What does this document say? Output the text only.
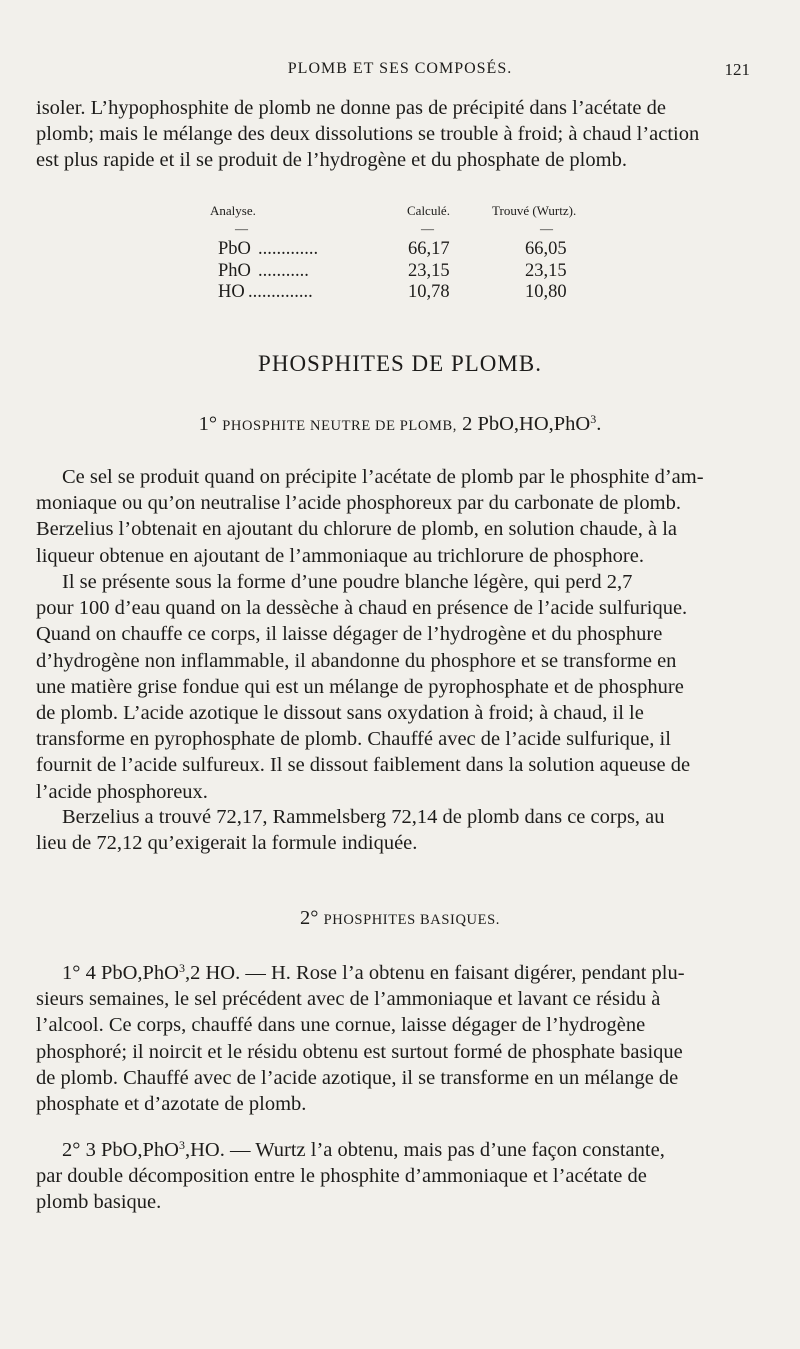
PLOMB ET SES COMPOSÉS.	121

isoler. L’hypophosphite de plomb ne donne pas de précipité dans l’acétate de

plomb; mais le mélange des deux dissolutions se trouble à froid; à chaud l’action

est plus rapide et il se produit de l’hydrogène et du phosphate de plomb.

Analyse.	Calculé.	Trouvé (Wurtz).
—	—	—
PbO .............	66,17	66,05
PhO ...........	23,15	23,15
HO ..............	10,78	10,80
PHOSPHITES DE PLOMB.
1° PHOSPHITE NEUTRE DE PLOMB, 2 PbO,HO,PhO$^3$.

Ce sel se produit quand on précipite l’acétate de plomb par le phosphite d’am-

moniaque ou qu’on neutralise l’acide phosphoreux par du carbonate de plomb.

Berzelius l’obtenait en ajoutant du chlorure de plomb, en solution chaude, à la

liqueur obtenue en ajoutant de l’ammoniaque au trichlorure de phosphore.

Il se présente sous la forme d’une poudre blanche légère, qui perd 2,7

pour 100 d’eau quand on la dessèche à chaud en présence de l’acide sulfurique.

Quand on chauffe ce corps, il laisse dégager de l’hydrogène et du phosphure

d’hydrogène non inflammable, il abandonne du phosphore et se transforme en

une matière grise fondue qui est un mélange de pyrophosphate et de phosphure

de plomb. L’acide azotique le dissout sans oxydation à froid; à chaud, il le

transforme en pyrophosphate de plomb. Chauffé avec de l’acide sulfurique, il

fournit de l’acide sulfureux. Il se dissout faiblement dans la solution aqueuse de

l’acide phosphoreux.

Berzelius a trouvé 72,17, Rammelsberg 72,14 de plomb dans ce corps, au

lieu de 72,12 qu’exigerait la formule indiquée.

2° PHOSPHITES BASIQUES.

1° 4 PbO,PhO$^3$,2 HO. — H. Rose l’a obtenu en faisant digérer, pendant plu-

sieurs semaines, le sel précédent avec de l’ammoniaque et lavant ce résidu à

l’alcool. Ce corps, chauffé dans une cornue, laisse dégager de l’hydrogène

phosphoré; il noircit et le résidu obtenu est surtout formé de phosphate basique

de plomb. Chauffé avec de l’acide azotique, il se transforme en un mélange de

phosphate et d’azotate de plomb.

2° 3 PbO,PhO$^3$,HO. — Wurtz l’a obtenu, mais pas d’une façon constante,

par double décomposition entre le phosphite d’ammoniaque et l’acétate de

plomb basique.
